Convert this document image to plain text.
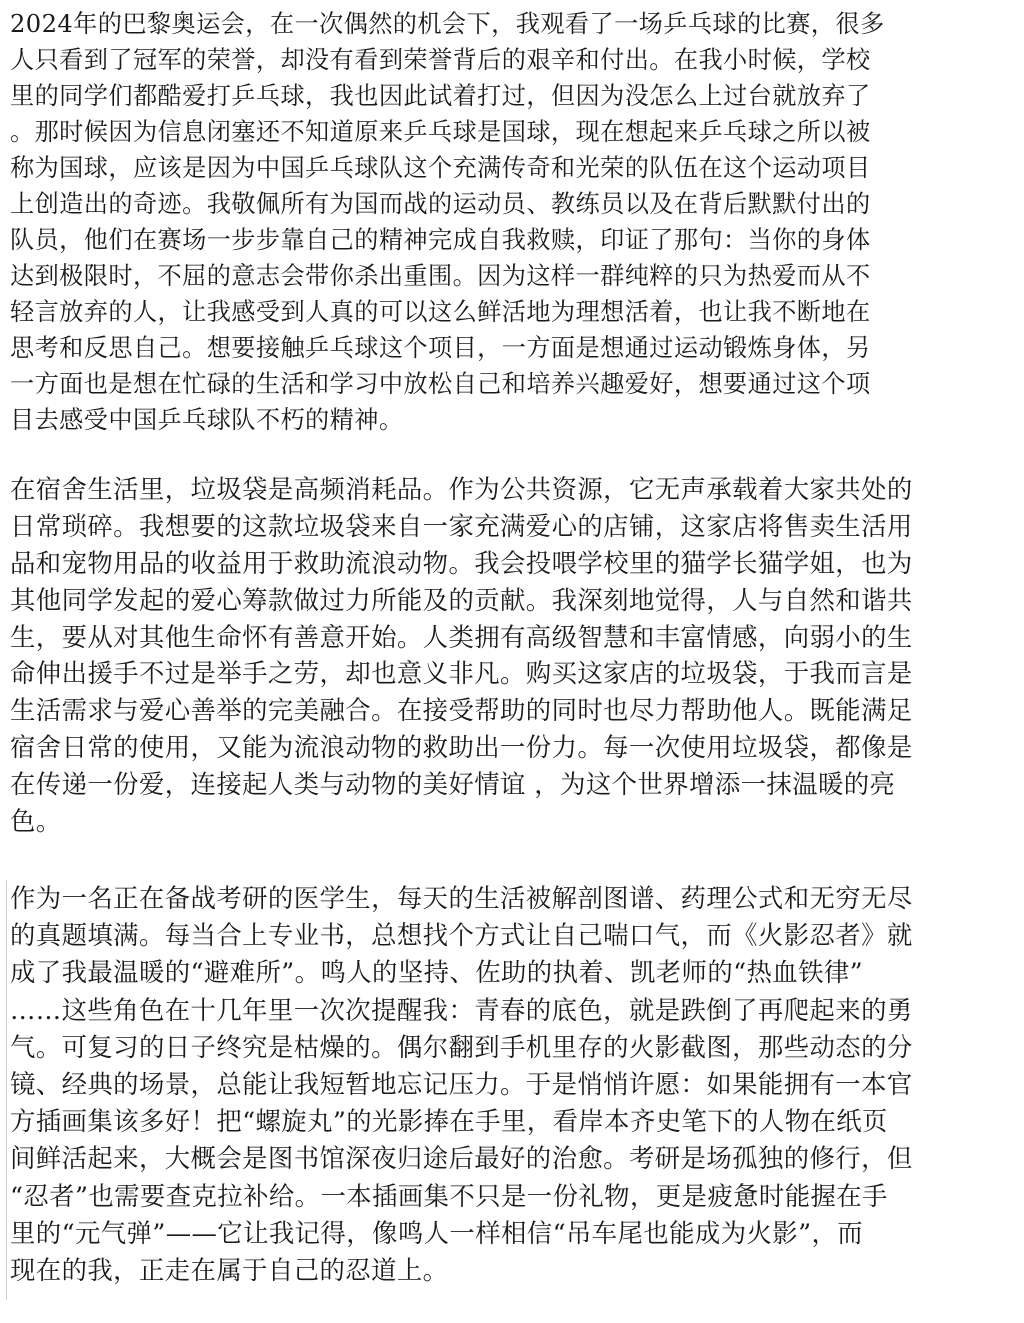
2024年的巴黎奥运会，在一次偶然的机会下，我观看了一场乒乓球的比赛，很多
人只看到了冠军的荣誉，却没有看到荣誉背后的艰辛和付出。在我小时候，学校
里的同学们都酷爱打乒乓球，我也因此试着打过，但因为没怎么上过台就放弃了
。那时候因为信息闭塞还不知道原来乒乓球是国球，现在想起来乒乓球之所以被
称为国球，应该是因为中国乒乓球队这个充满传奇和光荣的队伍在这个运动项目
上创造出的奇迹。我敬佩所有为国而战的运动员、教练员以及在背后默默付出的
队员，他们在赛场一步步靠自己的精神完成自我救赎，印证了那句：当你的身体
达到极限时，不屈的意志会带你杀出重围。因为这样一群纯粹的只为热爱而从不
轻言放弃的人，让我感受到人真的可以这么鲜活地为理想活着，也让我不断地在
思考和反思自己。想要接触乒乓球这个项目，一方面是想通过运动锻炼身体，另
一方面也是想在忙碌的生活和学习中放松自己和培养兴趣爱好，想要通过这个项
目去感受中国乒乓球队不朽的精神。
在宿舍生活里，垃圾袋是高频消耗品。作为公共资源，它无声承载着大家共处的
日常琐碎。我想要的这款垃圾袋来自一家充满爱心的店铺，这家店将售卖生活用
品和宠物用品的收益用于救助流浪动物。我会投喂学校里的猫学长猫学姐，也为
其他同学发起的爱心筹款做过力所能及的贡献。我深刻地觉得，人与自然和谐共
生，要从对其他生命怀有善意开始。人类拥有高级智慧和丰富情感，向弱小的生
命伸出援手不过是举手之劳，却也意义非凡。购买这家店的垃圾袋，于我而言是
生活需求与爱心善举的完美融合。在接受帮助的同时也尽力帮助他人。既能满足
宿舍日常的使用，又能为流浪动物的救助出一份力。每一次使用垃圾袋，都像是
在传递一份爱，连接起人类与动物的美好情谊 ，为这个世界增添一抹温暖的亮
色。
作为一名正在备战考研的医学生，每天的生活被解剖图谱、药理公式和无穷无尽
的真题填满。每当合上专业书，总想找个方式让自己喘口气，而《火影忍者》就
成了我最温暖的“避难所”。鸣人的坚持、佐助的执着、凯老师的“热血铁律”
……这些角色在十几年里一次次提醒我：青春的底色，就是跌倒了再爬起来的勇
气。可复习的日子终究是枯燥的。偶尔翻到手机里存的火影截图，那些动态的分
镜、经典的场景，总能让我短暂地忘记压力。于是悄悄许愿：如果能拥有一本官
方插画集该多好！把“螺旋丸”的光影捧在手里，看岸本齐史笔下的人物在纸页
间鲜活起来，大概会是图书馆深夜归途后最好的治愈。考研是场孤独的修行，但
“忍者”也需要查克拉补给。一本插画集不只是一份礼物，更是疲惫时能握在手
里的“元气弹”——它让我记得，像鸣人一样相信“吊车尾也能成为火影”，而
现在的我，正走在属于自己的忍道上。
